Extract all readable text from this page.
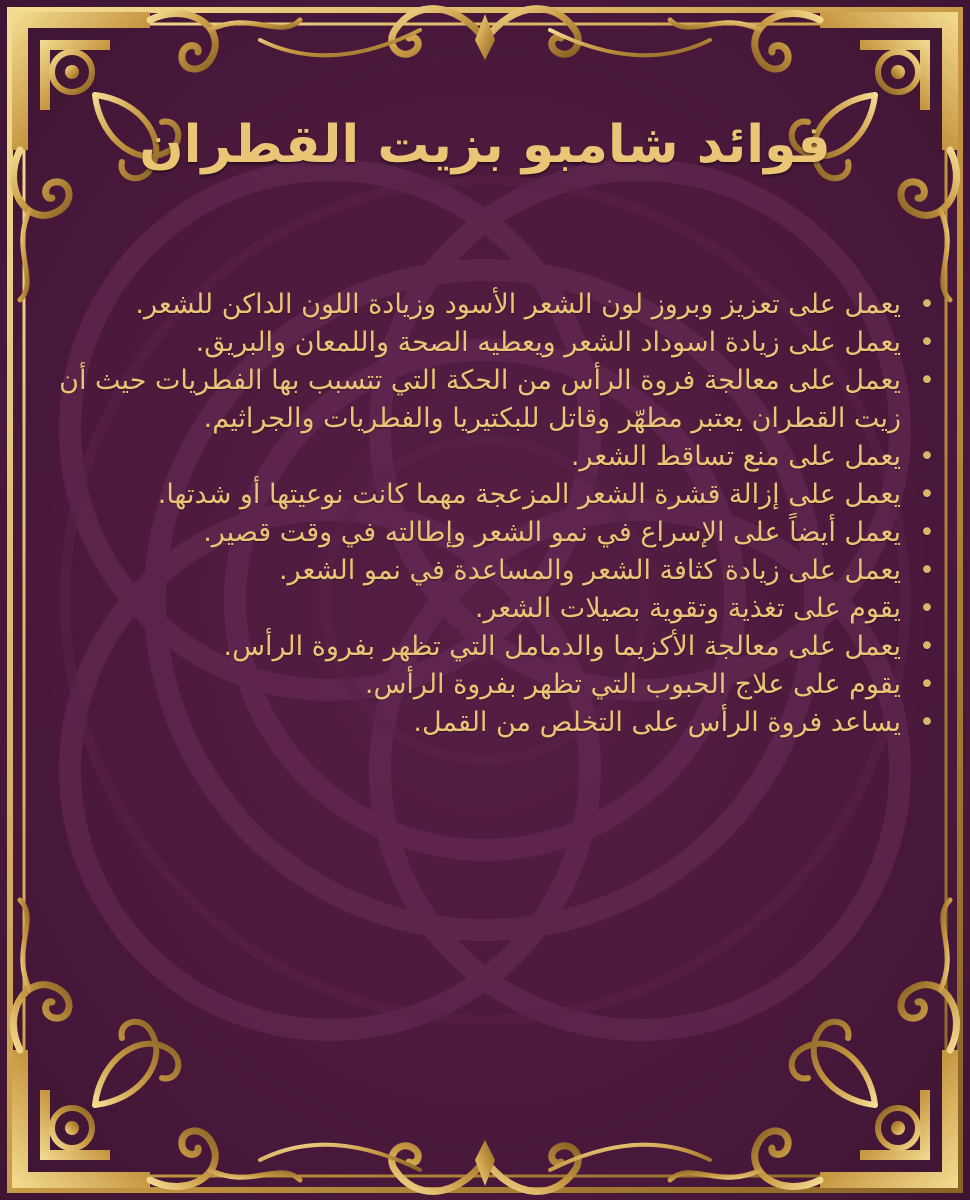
فوائد شامبو بزيت القطران
•
يعمل على تعزيز وبروز لون الشعر الأسود وزيادة اللون الداكن للشعر.
•
يعمل على زيادة اسوداد الشعر ويعطيه الصحة واللمعان والبريق.
•
يعمل على معالجة فروة الرأس من الحكة التي تتسبب بها الفطريات حيث أن زيت القطران يعتبر مطهّر وقاتل للبكتيريا والفطريات والجراثيم.
•
يعمل على منع تساقط الشعر.
•
يعمل على إزالة قشرة الشعر المزعجة مهما كانت نوعيتها أو شدتها.
•
يعمل أيضاً على الإسراع في نمو الشعر وإطالته في وقت قصير.
•
يعمل على زيادة كثافة الشعر والمساعدة في نمو الشعر.
•
يقوم على تغذية وتقوية بصيلات الشعر.
•
يعمل على معالجة الأكزيما والدمامل التي تظهر بفروة الرأس.
•
يقوم على علاج الحبوب التي تظهر بفروة الرأس.
•
يساعد فروة الرأس على التخلص من القمل.
